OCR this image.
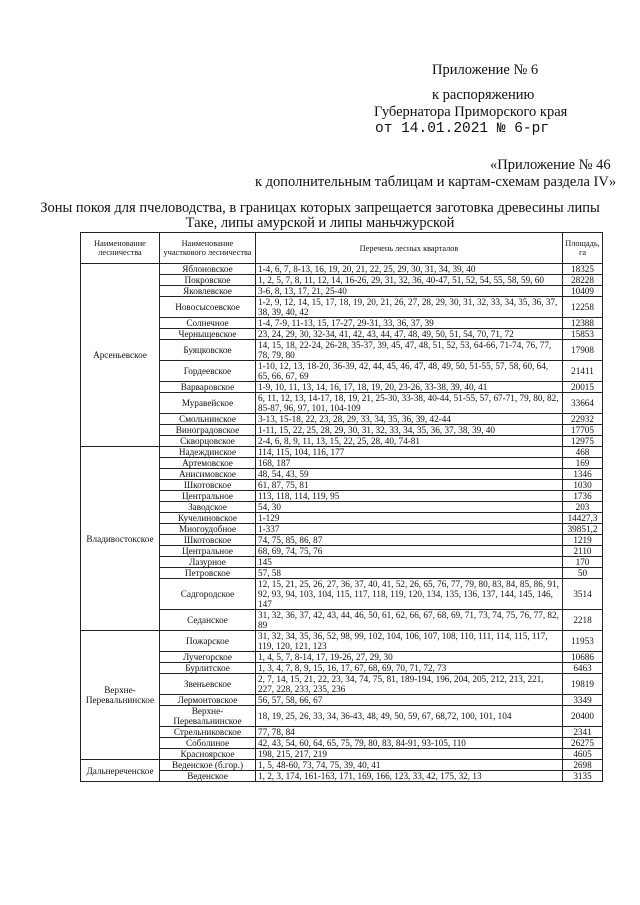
Приложение № 6
к распоряжению
Губернатора Приморского края
от 14.01.2021 № 6-рг
«Приложение № 46
к дополнительным таблицам и картам-схемам раздела IV»
Зоны покоя для пчеловодства, в границах которых запрещается заготовка древесины липы
Таке, липы амурской и липы маньчжурской
Наименование лесничества	Наименование участкового лесничества	Перечень лесных кварталов	Площадь, га
Арсеньевское	Яблоновское	1-4, 6, 7, 8-13, 16, 19, 20, 21, 22, 25, 29, 30, 31, 34, 39, 40	18325
	Покровское	1, 2, 5, 7, 8, 11, 12, 14, 16-26, 29, 31, 32, 36, 40-47, 51, 52, 54, 55, 58, 59, 60	28228
	Яковлевское	3-6, 8, 13, 17, 21, 25-40	10409
	Новосысоевское	1-2, 9, 12, 14, 15, 17, 18, 19, 20, 21, 26, 27, 28, 29, 30, 31, 32, 33, 34, 35, 36, 37, 38, 39, 40, 42	12258
	Солнечное	1-4, 7-9, 11-13, 15, 17-27, 29-31, 33, 36, 37, 39	12388
	Черныщевское	23, 24, 29, 30, 32-34, 41, 42, 43, 44, 47, 48, 49, 50, 51, 54, 70, 71, 72	15853
	Буяцковское	14, 15, 18, 22-24, 26-28, 35-37, 39, 45, 47, 48, 51, 52, 53, 64-66, 71-74, 76, 77, 78, 79, 80	17908
	Гордеевское	1-10, 12, 13, 18-20, 36-39, 42, 44, 45, 46, 47, 48, 49, 50, 51-55, 57, 58, 60, 64, 65, 66, 67, 69	21411
	Варваровское	1-9, 10, 11, 13, 14, 16, 17, 18, 19, 20, 23-26, 33-38, 39, 40, 41	20015
	Муравейское	6, 11, 12, 13, 14-17, 18, 19, 21, 25-30, 33-38, 40-44, 51-55, 57, 67-71, 79, 80, 82, 85-87, 96, 97, 101, 104-109	33664
	Смольнинское	3-13, 15-18, 22, 23, 28, 29, 33, 34, 35, 36, 39, 42-44	22932
	Виноградовское	1-11, 15, 22, 25, 28, 29, 30, 31, 32, 33, 34, 35, 36, 37, 38, 39, 40	17705
	Скворцовское	2-4, 6, 8, 9, 11, 13, 15, 22, 25, 28, 40, 74-81	12975
Владивостокское	Надеждинское	114, 115, 104, 116, 177	468
	Артемовское	168, 187	169
	Анисимовское	48, 54, 43, 59	1346
	Шкотовское	61, 87, 75, 81	1030
	Центральное	113, 118, 114, 119, 95	1736
	Заводское	54, 30	203
	Кучелиновское	1-129	14427,3
	Многоудобное	1-337	39851,2
	Шкотовское	74, 75, 85, 86, 87	1219
	Центральное	68, 69, 74, 75, 76	2110
	Лазурное	145	170
	Петровское	57, 58	50
	Садгородское	12, 15, 21, 25, 26, 27, 36, 37, 40, 41, 52, 26, 65, 76, 77, 79, 80, 83, 84, 85, 86, 91, 92, 93, 94, 103, 104, 115, 117, 118, 119, 120, 134, 135, 136, 137, 144, 145, 146, 147	3514
	Седанское	31, 32, 36, 37, 42, 43, 44, 46, 50, 61, 62, 66, 67, 68, 69, 71, 73, 74, 75, 76, 77, 82, 89	2218
Верхне-Перевальнинское	Пожарское	31, 32, 34, 35, 36, 52, 98, 99, 102, 104, 106, 107, 108, 110, 111, 114, 115, 117, 119, 120, 121, 123	11953
	Лучегорское	1, 4, 5, 7, 8-14, 17, 19-26, 27, 29, 30	10686
	Бурлитское	1, 3, 4, 7, 8, 9, 15, 16, 17, 67, 68, 69, 70, 71, 72, 73	6463
	Звеньевское	2, 7, 14, 15, 21, 22, 23, 34, 74, 75, 81, 189-194, 196, 204, 205, 212, 213, 221, 227, 228, 233, 235, 236	19819
	Лермонтовское	56, 57, 58, 66, 67	3349
	Верхне-Перевальнинское	18, 19, 25, 26, 33, 34, 36-43, 48, 49, 50, 59, 67, 68,72, 100, 101, 104	20400
	Стрельниковское	77, 78, 84	2341
	Соболиное	42, 43, 54, 60, 64, 65, 75, 79, 80, 83, 84-91, 93-105, 110	26275
	Красноярское	198, 215, 217, 219	4605
Дальнереченское	Веденское (б.гор.)	1, 5, 48-60, 73, 74, 75, 39, 40, 41	2698
	Веденское	1, 2, 3, 174, 161-163, 171, 169, 166, 123, 33, 42, 175, 32, 13	3135
